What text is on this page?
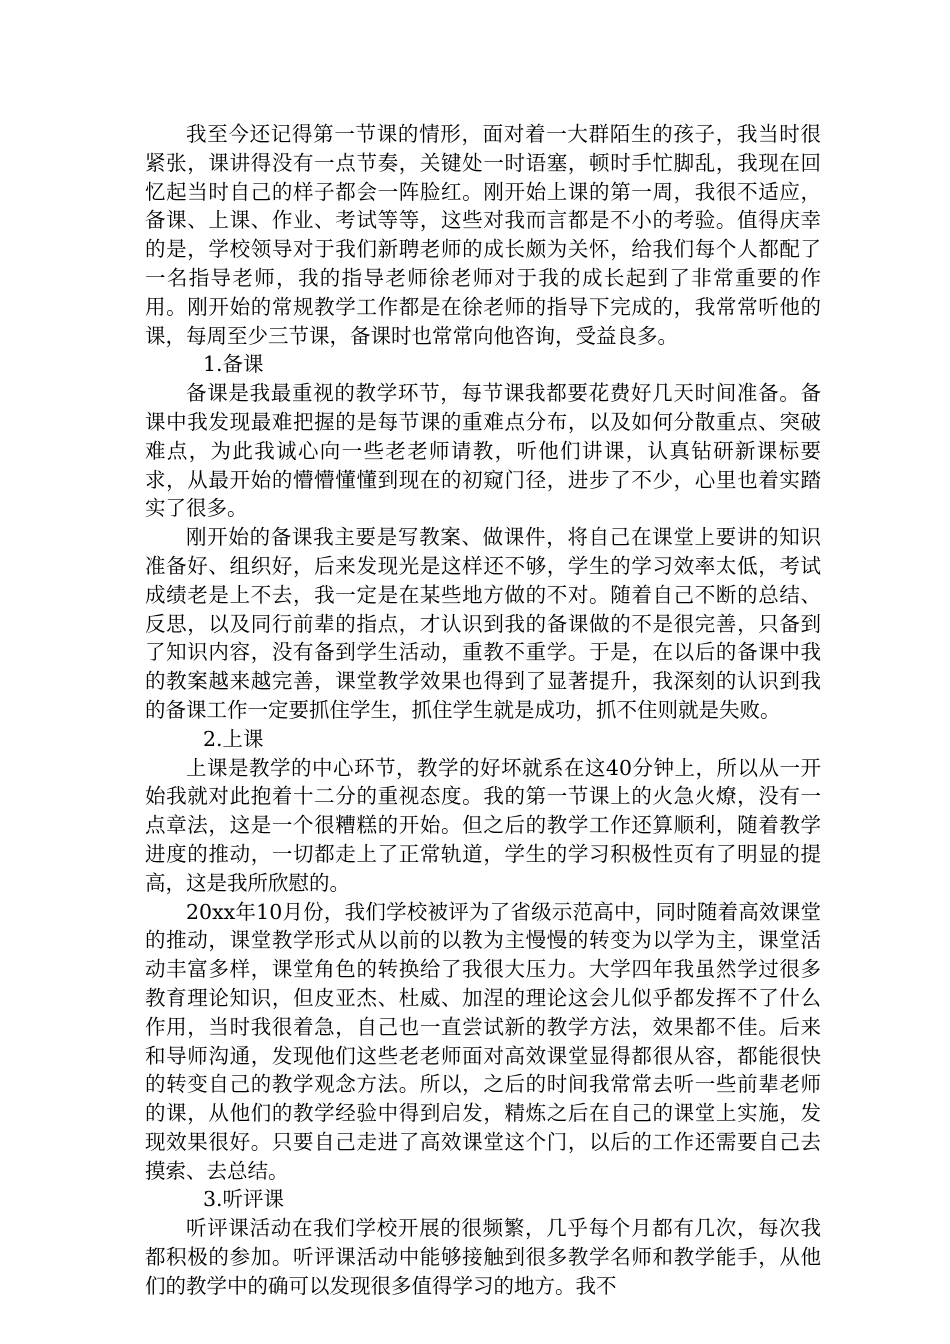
我至今还记得第一节课的情形，面对着一大群陌生的孩子，我当时很紧张，课讲得没有一点节奏，关键处一时语塞，顿时手忙脚乱，我现在回忆起当时自己的样子都会一阵脸红。刚开始上课的第一周，我很不适应，备课、上课、作业、考试等等，这些对我而言都是不小的考验。值得庆幸的是，学校领导对于我们新聘老师的成长颇为关怀，给我们每个人都配了一名指导老师，我的指导老师徐老师对于我的成长起到了非常重要的作用。刚开始的常规教学工作都是在徐老师的指导下完成的，我常常听他的课，每周至少三节课，备课时也常常向他咨询，受益良多。

1.备课

备课是我最重视的教学环节，每节课我都要花费好几天时间准备。备课中我发现最难把握的是每节课的重难点分布，以及如何分散重点、突破难点，为此我诚心向一些老老师请教，听他们讲课，认真钻研新课标要求，从最开始的懵懵懂懂到现在的初窥门径，进步了不少，心里也着实踏实了很多。

刚开始的备课我主要是写教案、做课件，将自己在课堂上要讲的知识准备好、组织好，后来发现光是这样还不够，学生的学习效率太低，考试成绩老是上不去，我一定是在某些地方做的不对。随着自己不断的总结、反思，以及同行前辈的指点，才认识到我的备课做的不是很完善，只备到了知识内容，没有备到学生活动，重教不重学。于是，在以后的备课中我的教案越来越完善，课堂教学效果也得到了显著提升，我深刻的认识到我的备课工作一定要抓住学生，抓住学生就是成功，抓不住则就是失败。

2.上课

上课是教学的中心环节，教学的好坏就系在这40分钟上，所以从一开始我就对此抱着十二分的重视态度。我的第一节课上的火急火燎，没有一点章法，这是一个很糟糕的开始。但之后的教学工作还算顺利，随着教学进度的推动，一切都走上了正常轨道，学生的学习积极性页有了明显的提高，这是我所欣慰的。

20xx年10月份，我们学校被评为了省级示范高中，同时随着高效课堂的推动，课堂教学形式从以前的以教为主慢慢的转变为以学为主，课堂活动丰富多样，课堂角色的转换给了我很大压力。大学四年我虽然学过很多教育理论知识，但皮亚杰、杜威、加涅的理论这会儿似乎都发挥不了什么作用，当时我很着急，自己也一直尝试新的教学方法，效果都不佳。后来和导师沟通，发现他们这些老老师面对高效课堂显得都很从容，都能很快的转变自己的教学观念方法。所以，之后的时间我常常去听一些前辈老师的课，从他们的教学经验中得到启发，精炼之后在自己的课堂上实施，发现效果很好。只要自己走进了高效课堂这个门，以后的工作还需要自己去摸索、去总结。

3.听评课

听评课活动在我们学校开展的很频繁，几乎每个月都有几次，每次我都积极的参加。听评课活动中能够接触到很多教学名师和教学能手，从他们的教学中的确可以发现很多值得学习的地方。我不
